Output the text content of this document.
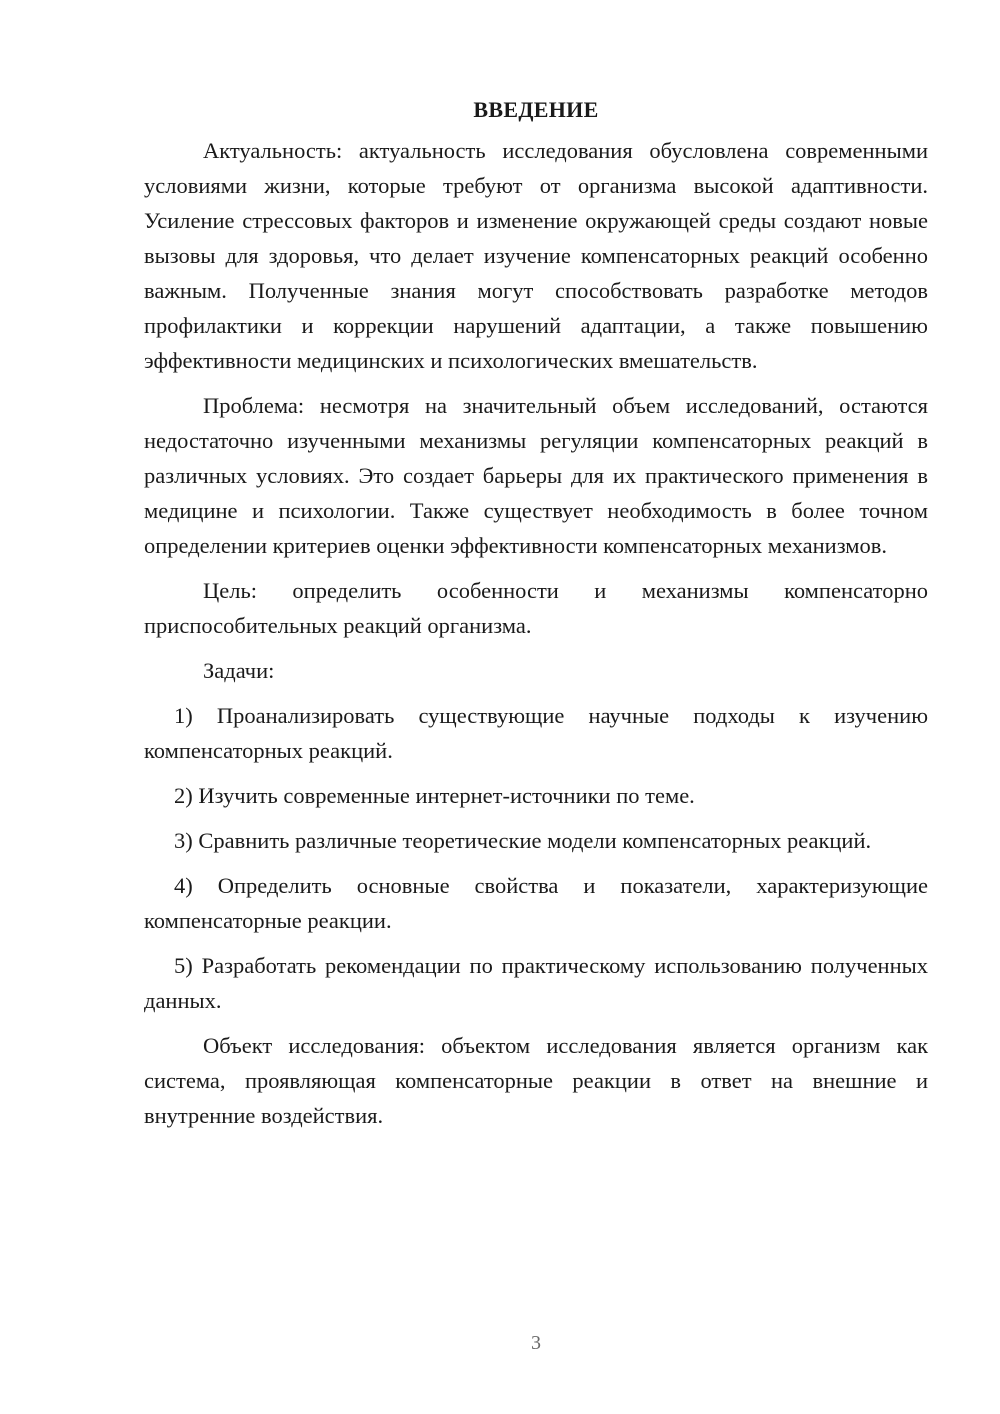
ВВЕДЕНИЕ

Актуальность: актуальность исследования обусловлена современными условиями жизни, которые требуют от организма высокой адаптивности. Усиление стрессовых факторов и изменение окружающей среды создают новые вызовы для здоровья, что делает изучение компенсаторных реакций особенно важным. Полученные знания могут способствовать разработке методов профилактики и коррекции нарушений адаптации, а также повышению эффективности медицинских и психологических вмешательств.

Проблема: несмотря на значительный объем исследований, остаются недостаточно изученными механизмы регуляции компенсаторных реакций в различных условиях. Это создает барьеры для их практического применения в медицине и психологии. Также существует необходимость в более точном определении критериев оценки эффективности компенсаторных механизмов.

Цель: определить особенности и механизмы компенсаторно приспособительных реакций организма.

Задачи:

1) Проанализировать существующие научные подходы к изучению компенсаторных реакций.

2) Изучить современные интернет-источники по теме.

3) Сравнить различные теоретические модели компенсаторных реакций.

4) Определить основные свойства и показатели, характеризующие компенсаторные реакции.

5) Разработать рекомендации по практическому использованию полученных данных.

Объект исследования: объектом исследования является организм как система, проявляющая компенсаторные реакции в ответ на внешние и внутренние воздействия.

3
